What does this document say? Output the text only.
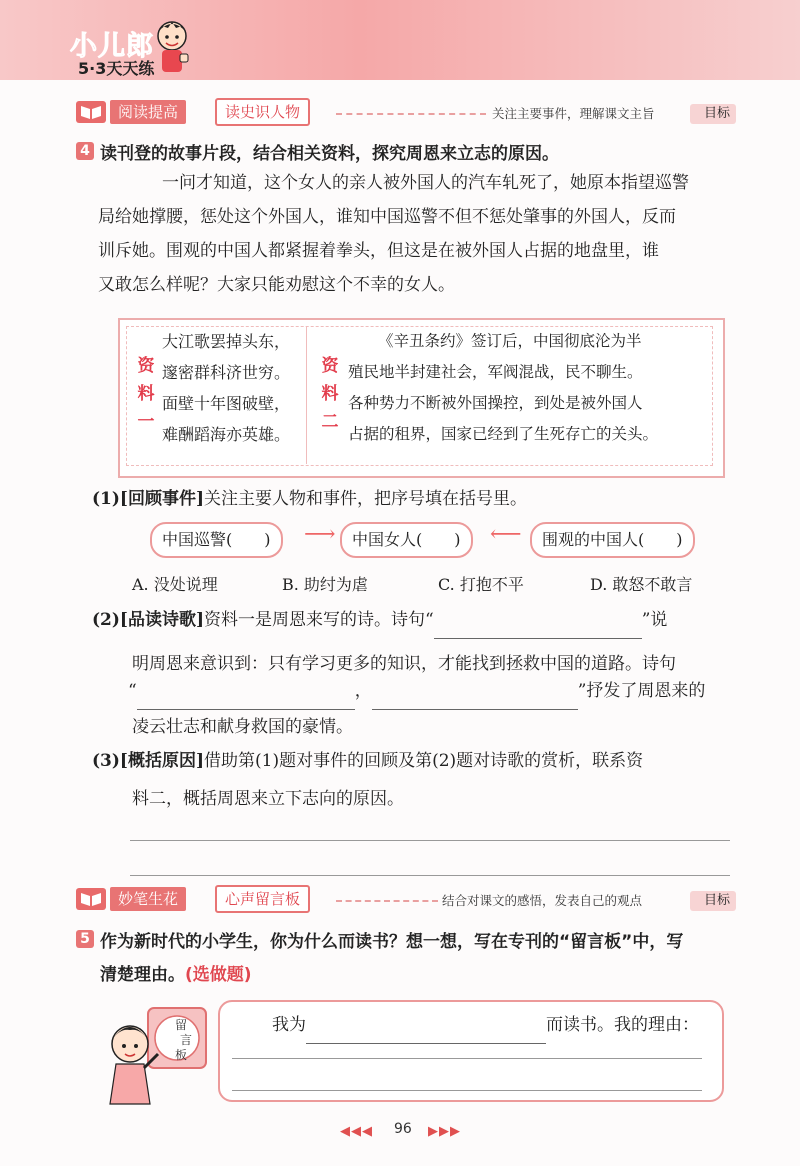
小儿郎
5·3天天练
阅读提高	读史识人物	关注主要事件，理解课文主旨	目标
4 读刊登的故事片段，结合相关资料，探究周恩来立志的原因。
一问才知道，这个女人的亲人被外国人的汽车轧死了，她原本指望巡警
局给她撑腰，惩处这个外国人，谁知中国巡警不但不惩处肇事的外国人，反而
训斥她。围观的中国人都紧握着拳头，但这是在被外国人占据的地盘里，谁
又敢怎么样呢？大家只能劝慰这个不幸的女人。
资
料
一
大江歌罢掉头东，
邃密群科济世穷。
面壁十年图破壁，
难酬蹈海亦英雄。
资
料
二
《辛丑条约》签订后，中国彻底沦为半
殖民地半封建社会，军阀混战，民不聊生。
各种势力不断被外国操控，到处是被外国人
占据的租界，国家已经到了生死存亡的关头。
(1)[回顾事件]关注主要人物和事件，把序号填在括号里。
中国巡警(　　)	⟶	中国女人(　　)	⟵	围观的中国人(　　)
A. 没处说理	B. 助纣为虐	C. 打抱不平	D. 敢怒不敢言
(2)[品读诗歌]资料一是周恩来写的诗。诗句“	”说
明周恩来意识到：只有学习更多的知识，才能找到拯救中国的道路。诗句
“	，	”抒发了周恩来的
凌云壮志和献身救国的豪情。
(3)[概括原因]借助第(1)题对事件的回顾及第(2)题对诗歌的赏析，联系资
料二，概括周恩来立下志向的原因。
妙笔生花	心声留言板	结合对课文的感悟，发表自己的观点	目标
5 作为新时代的小学生，你为什么而读书？想一想，写在专刊的“留言板”中，写
清楚理由。(选做题)
留
言
板
我为	而读书。我的理由：
◀◀◀ 96 ▶▶▶
